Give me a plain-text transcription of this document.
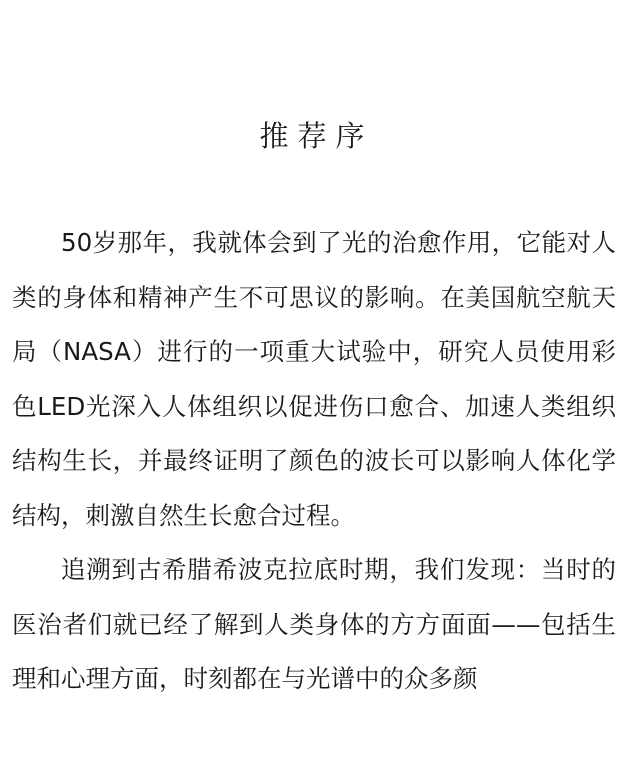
推荐序

50岁那年，我就体会到了光的治愈作用，它能对人类的身体和精神产生不可思议的影响。在美国航空航天局（NASA）进行的一项重大试验中，研究人员使用彩色LED光深入人体组织以促进伤口愈合、加速人类组织结构生长，并最终证明了颜色的波长可以影响人体化学结构，刺激自然生长愈合过程。

追溯到古希腊希波克拉底时期，我们发现：当时的医治者们就已经了解到人类身体的方方面面——包括生理和心理方面，时刻都在与光谱中的众多颜
